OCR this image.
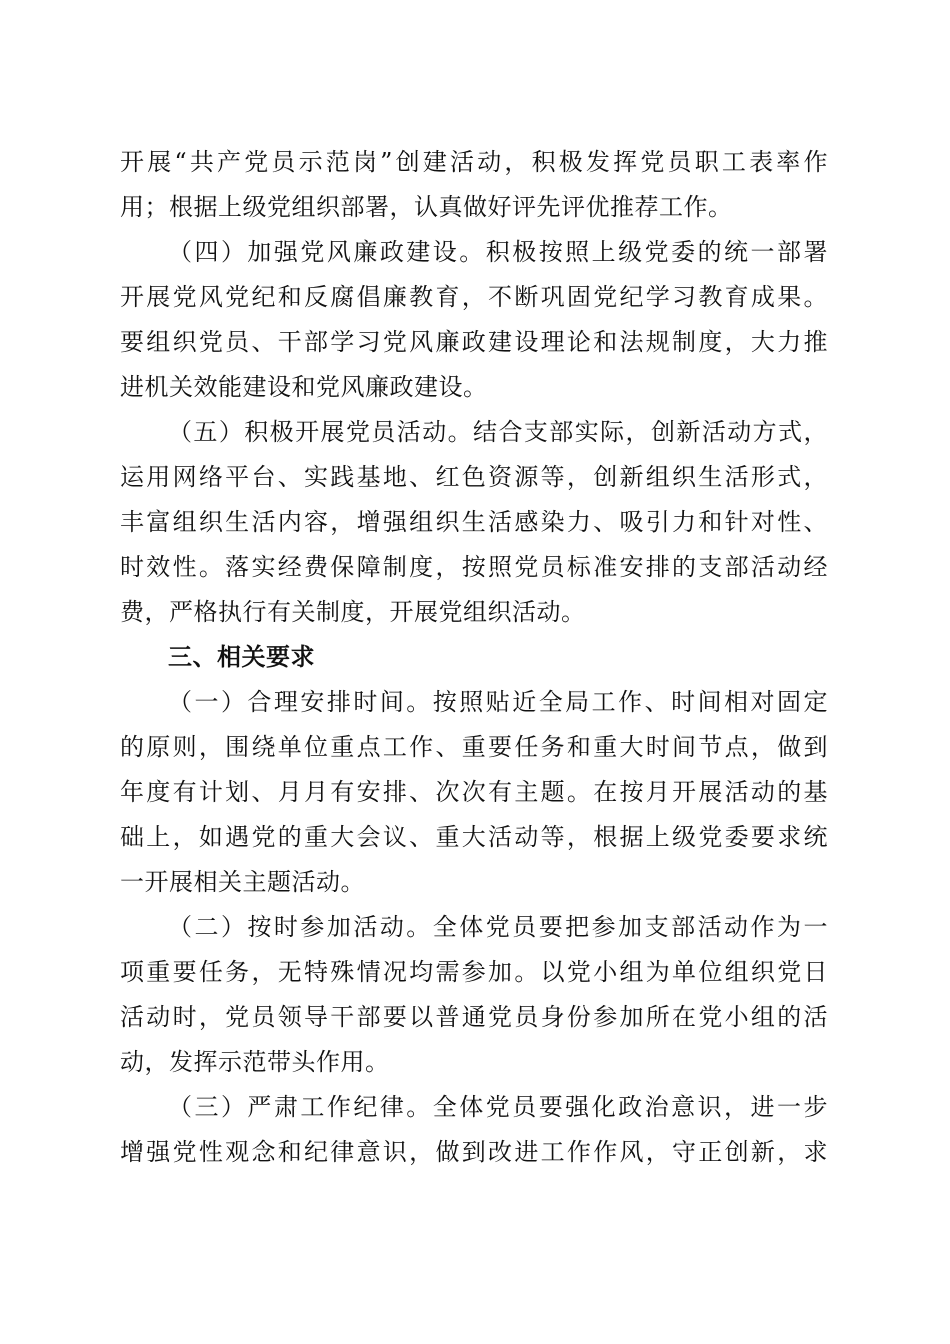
开展“共产党员示范岗”创建活动，积极发挥党员职工表率作
用；根据上级党组织部署，认真做好评先评优推荐工作。
（四）加强党风廉政建设。积极按照上级党委的统一部署
开展党风党纪和反腐倡廉教育，不断巩固党纪学习教育成果。
要组织党员、干部学习党风廉政建设理论和法规制度，大力推
进机关效能建设和党风廉政建设。
（五）积极开展党员活动。结合支部实际，创新活动方式，
运用网络平台、实践基地、红色资源等，创新组织生活形式，
丰富组织生活内容，增强组织生活感染力、吸引力和针对性、
时效性。落实经费保障制度，按照党员标准安排的支部活动经
费，严格执行有关制度，开展党组织活动。
三、相关要求
（一）合理安排时间。按照贴近全局工作、时间相对固定
的原则，围绕单位重点工作、重要任务和重大时间节点，做到
年度有计划、月月有安排、次次有主题。在按月开展活动的基
础上，如遇党的重大会议、重大活动等，根据上级党委要求统
一开展相关主题活动。
（二）按时参加活动。全体党员要把参加支部活动作为一
项重要任务，无特殊情况均需参加。以党小组为单位组织党日
活动时，党员领导干部要以普通党员身份参加所在党小组的活
动，发挥示范带头作用。
（三）严肃工作纪律。全体党员要强化政治意识，进一步
增强党性观念和纪律意识，做到改进工作作风，守正创新，求
